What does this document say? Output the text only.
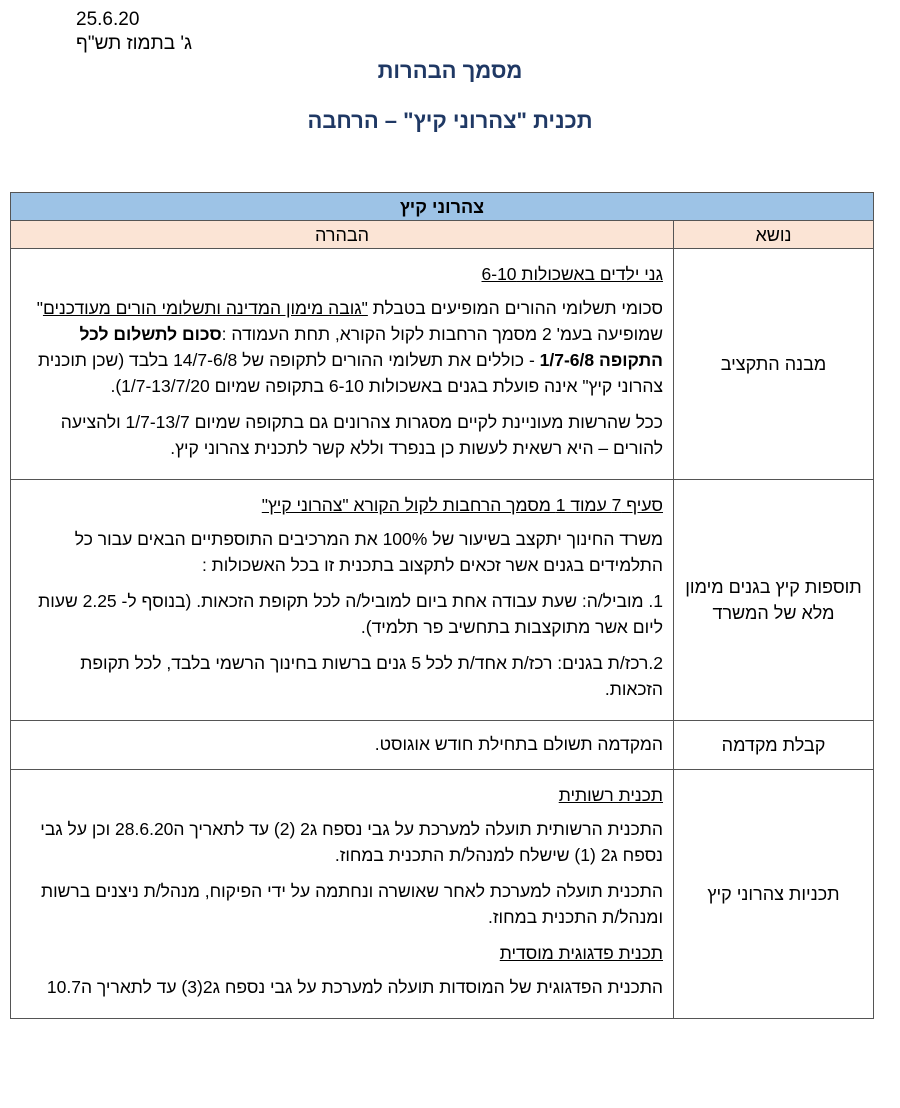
25.6.20
ג' בתמוז תש"ף
מסמך הבהרות
תכנית "צהרוני קיץ" – הרחבה
צהרוני קיץ	
נושא	הבהרה
מבנה התקציב	גני ילדים באשכולות 6-10

סכומי תשלומי ההורים המופיעים בטבלת "גובה מימון המדינה ותשלומי הורים מעודכנים" שמופיעה בעמ' 2 מסמך הרחבות לקול הקורא, תחת העמודה :סכום לתשלום לכל התקופה 1/7-6/8 - כוללים את תשלומי ההורים לתקופה של 14/7-6/8 בלבד (שכן תוכנית צהרוני קיץ" אינה פועלת בגנים באשכולות 6-10 בתקופה שמיום 1/7-13/7/20).

ככל שהרשות מעוניינת לקיים מסגרות צהרונים גם בתקופה שמיום 1/7-13/7 ולהציעה להורים – היא רשאית לעשות כן בנפרד וללא קשר לתכנית צהרוני קיץ.

תוספות קיץ בגנים מימון מלא של המשרד	סעיף 7 עמוד 1 מסמך הרחבות לקול הקורא "צהרוני קיץ"

משרד החינוך יתקצב בשיעור של 100% את המרכיבים התוספתיים הבאים עבור כל התלמידים בגנים אשר זכאים לתקצוב בתכנית זו בכל האשכולות :

1. מוביל/ה: שעת עבודה אחת ביום למוביל/ה לכל תקופת הזכאות. (בנוסף ל- 2.25 שעות ליום אשר מתוקצבות בתחשיב פר תלמיד).

2.רכז/ת בגנים: רכז/ת אחד/ת לכל 5 גנים ברשות בחינוך הרשמי בלבד, לכל תקופת הזכאות.

קבלת מקדמה	המקדמה תשולם בתחילת חודש אוגוסט.

תכניות צהרוני קיץ	תכנית רשותית

התכנית הרשותית תועלה למערכת על גבי נספח ג2 (2) עד לתאריך ה28.6.20 וכן על גבי נספח ג2 (1) שישלח למנהל/ת התכנית במחוז.

התכנית תועלה למערכת לאחר שאושרה ונחתמה על ידי הפיקוח, מנהל/ת ניצנים ברשות ומנהל/ת התכנית במחוז.

תכנית פדגוגית מוסדית

התכנית הפדגוגית של המוסדות תועלה למערכת על גבי נספח ג2(3) עד לתאריך ה10.7
